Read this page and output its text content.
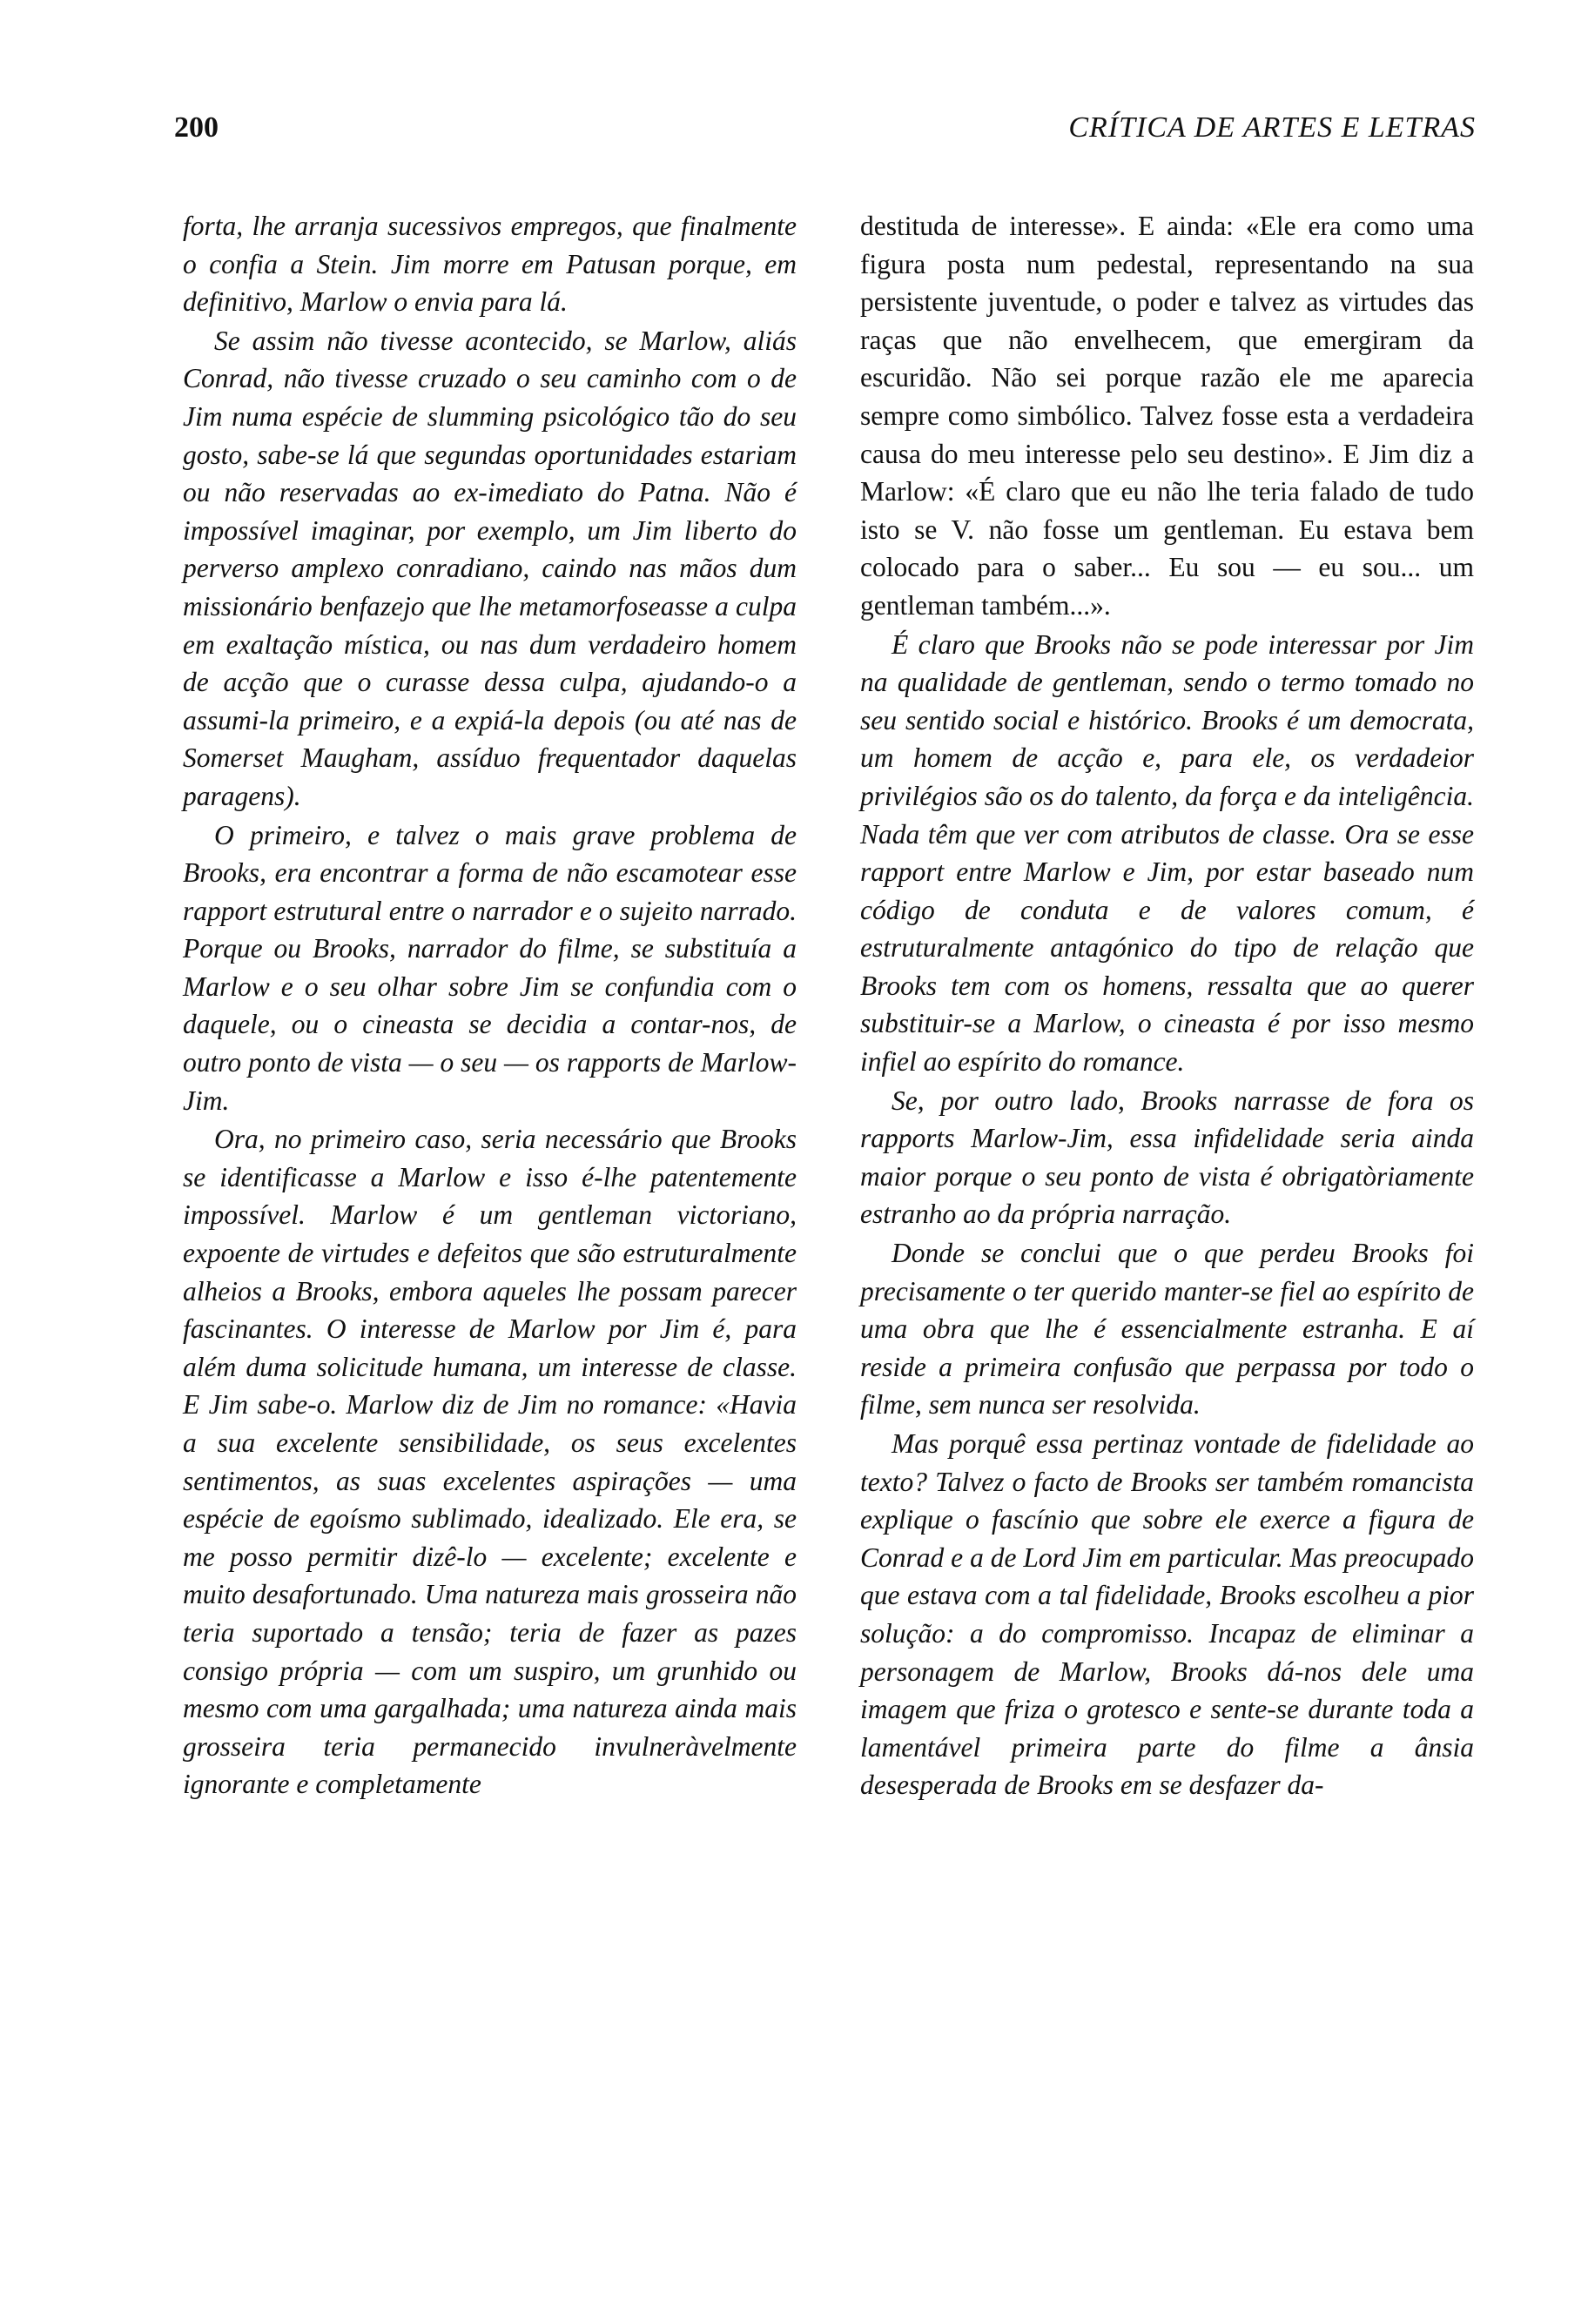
200	CRÍTICA DE ARTES E LETRAS

forta, lhe arranja sucessivos empregos, que finalmente o confia a Stein. Jim morre em Patusan porque, em definitivo, Marlow o envia para lá.

Se assim não tivesse acontecido, se Marlow, aliás Conrad, não tivesse cruzado o seu caminho com o de Jim numa espécie de slumming psicológico tão do seu gosto, sabe-se lá que segundas oportunidades estariam ou não reservadas ao ex-imediato do Patna. Não é impossível imaginar, por exemplo, um Jim liberto do perverso amplexo conradiano, caindo nas mãos dum missionário benfazejo que lhe metamorfoseasse a culpa em exaltação mística, ou nas dum verdadeiro homem de acção que o curasse dessa culpa, ajudando-o a assumi-la primeiro, e a expiá-la depois (ou até nas de Somerset Maugham, assíduo frequentador daquelas paragens).

O primeiro, e talvez o mais grave problema de Brooks, era encontrar a forma de não escamotear esse rapport estrutural entre o narrador e o sujeito narrado. Porque ou Brooks, narrador do filme, se substituía a Marlow e o seu olhar sobre Jim se confundia com o daquele, ou o cineasta se decidia a contar-nos, de outro ponto de vista — o seu — os rapports de Marlow-Jim.

Ora, no primeiro caso, seria necessário que Brooks se identificasse a Marlow e isso é-lhe patentemente impossível. Marlow é um gentleman victoriano, expoente de virtudes e defeitos que são estruturalmente alheios a Brooks, embora aqueles lhe possam parecer fascinantes. O interesse de Marlow por Jim é, para além duma solicitude humana, um interesse de classe. E Jim sabe-o. Marlow diz de Jim no romance: «Havia a sua excelente sensibilidade, os seus excelentes sentimentos, as suas excelentes aspirações — uma espécie de egoísmo sublimado, idealizado. Ele era, se me posso permitir dizê-lo — excelente; excelente e muito desafortunado. Uma natureza mais grosseira não teria suportado a tensão; teria de fazer as pazes consigo própria — com um suspiro, um grunhido ou mesmo com uma gargalhada; uma natureza ainda mais grosseira teria permanecido invulneràvelmente ignorante e completamente

destituda de interesse». E ainda: «Ele era como uma figura posta num pedestal, representando na sua persistente juventude, o poder e talvez as virtudes das raças que não envelhecem, que emergiram da escuridão. Não sei porque razão ele me aparecia sempre como simbólico. Talvez fosse esta a verdadeira causa do meu interesse pelo seu destino». E Jim diz a Marlow: «É claro que eu não lhe teria falado de tudo isto se V. não fosse um gentleman. Eu estava bem colocado para o saber... Eu sou — eu sou... um gentleman também...».

É claro que Brooks não se pode interessar por Jim na qualidade de gentleman, sendo o termo tomado no seu sentido social e histórico. Brooks é um democrata, um homem de acção e, para ele, os verdadeior privilégios são os do talento, da força e da inteligência. Nada têm que ver com atributos de classe. Ora se esse rapport entre Marlow e Jim, por estar baseado num código de conduta e de valores comum, é estruturalmente antagónico do tipo de relação que Brooks tem com os homens, ressalta que ao querer substituir-se a Marlow, o cineasta é por isso mesmo infiel ao espírito do romance.

Se, por outro lado, Brooks narrasse de fora os rapports Marlow-Jim, essa infidelidade seria ainda maior porque o seu ponto de vista é obrigatòriamente estranho ao da própria narração.

Donde se conclui que o que perdeu Brooks foi precisamente o ter querido manter-se fiel ao espírito de uma obra que lhe é essencialmente estranha. E aí reside a primeira confusão que perpassa por todo o filme, sem nunca ser resolvida.

Mas porquê essa pertinaz vontade de fidelidade ao texto? Talvez o facto de Brooks ser também romancista explique o fascínio que sobre ele exerce a figura de Conrad e a de Lord Jim em particular. Mas preocupado que estava com a tal fidelidade, Brooks escolheu a pior solução: a do compromisso. Incapaz de eliminar a personagem de Marlow, Brooks dá-nos dele uma imagem que friza o grotesco e sente-se durante toda a lamentável primeira parte do filme a ânsia desesperada de Brooks em se desfazer da-
